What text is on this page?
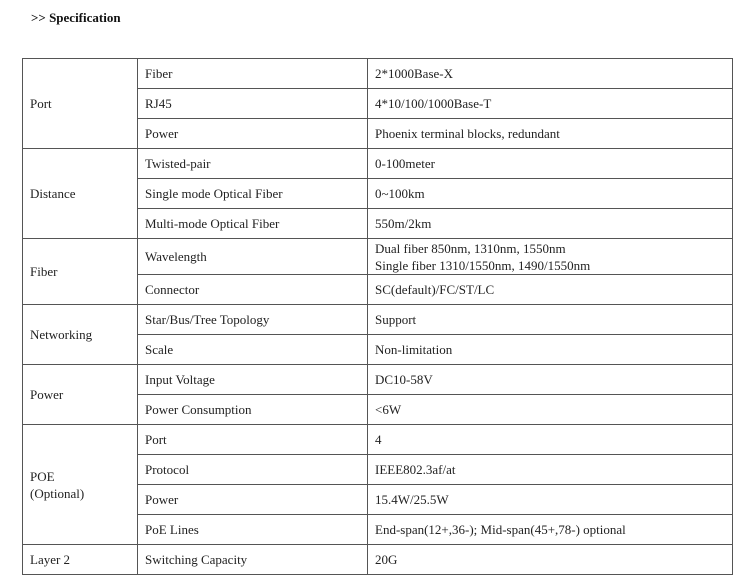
>> Specification
Port	Fiber	2*1000Base-X
	RJ45	4*10/100/1000Base-T
	Power	Phoenix terminal blocks, redundant
Distance	Twisted-pair	0-100meter
	Single mode Optical Fiber	0~100km
	Multi-mode Optical Fiber	550m/2km
Fiber	Wavelength	Dual fiber 850nm, 1310nm, 1550nm
Single fiber 1310/1550nm, 1490/1550nm

	Connector	SC(default)/FC/ST/LC
Networking	Star/Bus/Tree Topology	Support
	Scale	Non-limitation
Power	Input Voltage	DC10-58V
	Power Consumption	<6W

POE
(Optional)	Port	4
	Protocol	IEEE802.3af/at
	Power	15.4W/25.5W
	PoE Lines	End-span(12+,36-); Mid-span(45+,78-) optional
Layer 2	Switching Capacity	20G
